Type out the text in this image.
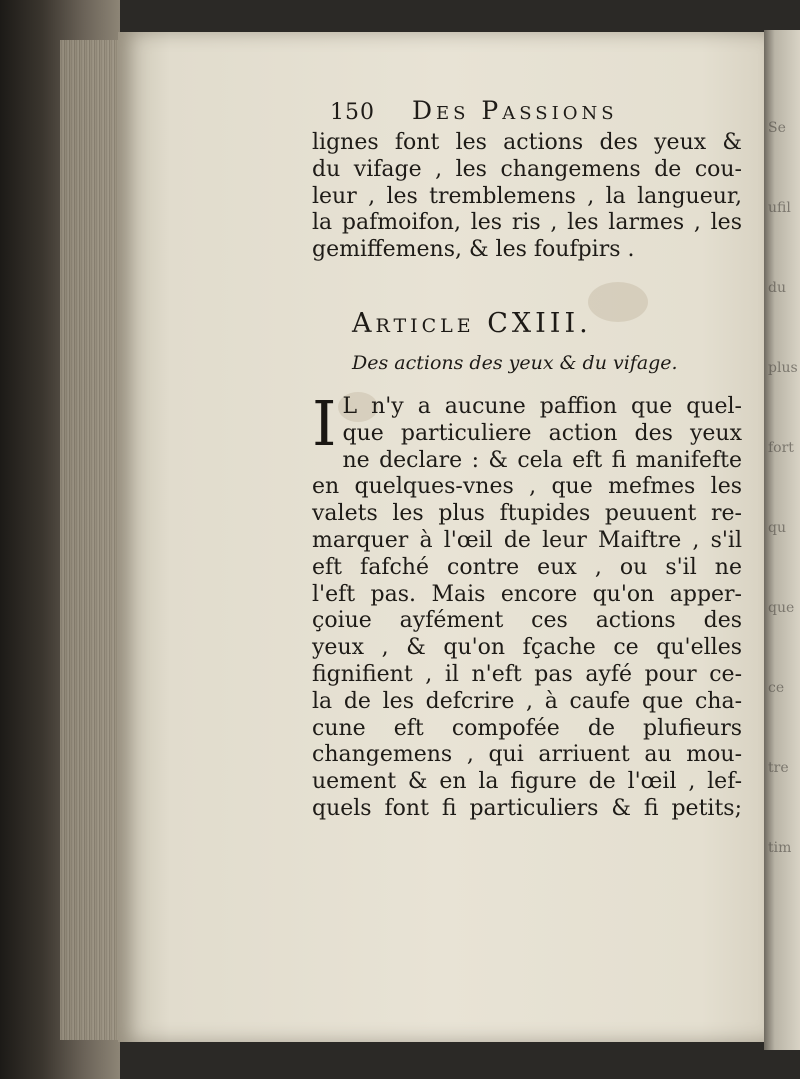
Se
ufil
du
plus
fort
qu
que
ce
tre
tim
150 Des Passions
lignes font les actions des yeux &
du vifage , les changemens de cou-
leur , les tremblemens , la langueur,
la pafmoifon, les ris , les larmes , les
gemiffemens, & les foufpirs .
Article CXIII.
Des actions des yeux & du vifage.
I L n'y a aucune paffion que quel-
que particuliere action des yeux
ne declare : & cela eft fi manifefte
en quelques-vnes , que mefmes les
valets les plus ftupides peuuent re-
marquer à l'œil de leur Maiftre , s'il
eft fafché contre eux , ou s'il ne
l'eft pas. Mais encore qu'on apper-
çoiue ayfément ces actions des
yeux , & qu'on fçache ce qu'elles
fignifient , il n'eft pas ayfé pour ce-
la de les defcrire , à caufe que cha-
cune eft compofée de plufieurs
changemens , qui arriuent au mou-
uement & en la figure de l'œil , lef-
quels font fi particuliers & fi petits;
